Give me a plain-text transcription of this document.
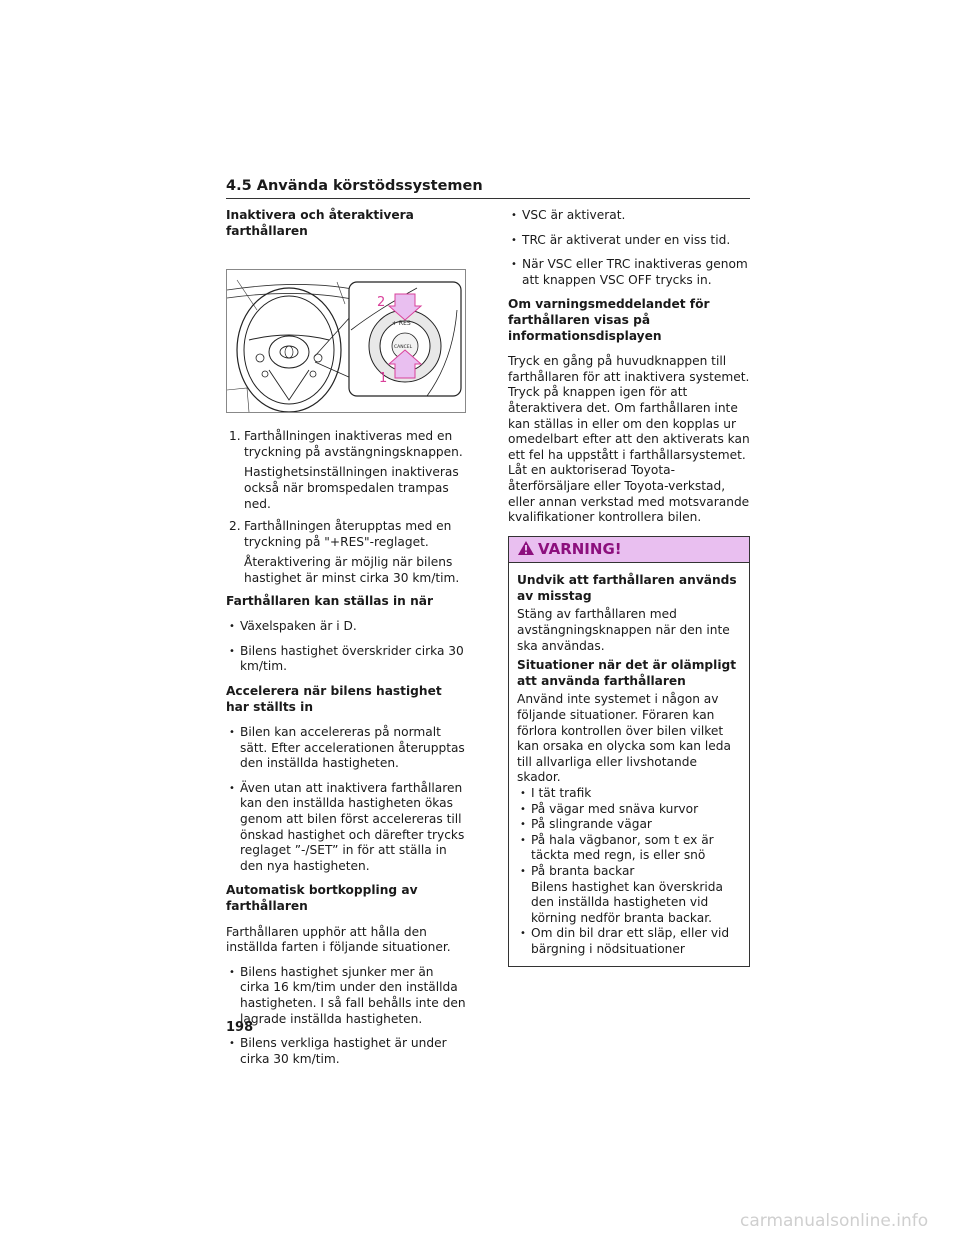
4.5 Använda körstödssystemen
Inaktivera och återaktivera farthållaren
+ RES
CANCEL
2
1
1. Farthållningen inaktiveras med en tryckning på avstängningsknappen.
Hastighetsinställningen inaktiveras också när bromspedalen trampas ned.
2. Farthållningen återupptas med en tryckning på "+RES"-reglaget.
Återaktivering är möjlig när bilens hastighet är minst cirka 30 km/tim.
Farthållaren kan ställas in när
• Växelspaken är i D.
• Bilens hastighet överskrider cirka 30 km/tim.
Accelerera när bilens hastighet har ställts in
• Bilen kan accelereras på normalt sätt. Efter accelerationen återupptas den inställda hastigheten.
• Även utan att inaktivera farthållaren kan den inställda hastigheten ökas genom att bilen först accelereras till önskad hastighet och därefter trycks reglaget ”-/SET” in för att ställa in den nya hastigheten.
Automatisk bortkoppling av farthållaren
Farthållaren upphör att hålla den inställda farten i följande situationer.
• Bilens hastighet sjunker mer än cirka 16 km/tim under den inställda hastigheten. I så fall behålls inte den lagrade inställda hastigheten.
• Bilens verkliga hastighet är under cirka 30 km/tim.
• VSC är aktiverat.
• TRC är aktiverat under en viss tid.
• När VSC eller TRC inaktiveras genom att knappen VSC OFF trycks in.
Om varningsmeddelandet för farthållaren visas på informationsdisplayen
Tryck en gång på huvudknappen till farthållaren för att inaktivera systemet. Tryck på knappen igen för att återaktivera det. Om farthållaren inte kan ställas in eller om den kopplas ur omedelbart efter att den aktiverats kan ett fel ha uppstått i farthållarsystemet. Låt en auktoriserad Toyota-återförsäljare eller Toyota-verkstad, eller annan verkstad med motsvarande kvalifikationer kontrollera bilen.
VARNING!
Undvik att farthållaren används av misstag
Stäng av farthållaren med avstängningsknappen när den inte ska användas.
Situationer när det är olämpligt att använda farthållaren
Använd inte systemet i någon av följande situationer. Föraren kan förlora kontrollen över bilen vilket kan orsaka en olycka som kan leda till allvarliga eller livshotande skador.
• I tät trafik
• På vägar med snäva kurvor
• På slingrande vägar
• På hala vägbanor, som t ex är täckta med regn, is eller snö
• På branta backar
Bilens hastighet kan överskrida den inställda hastigheten vid körning nedför branta backar.
• Om din bil drar ett släp, eller vid bärgning i nödsituationer
198
carmanualsonline.info
